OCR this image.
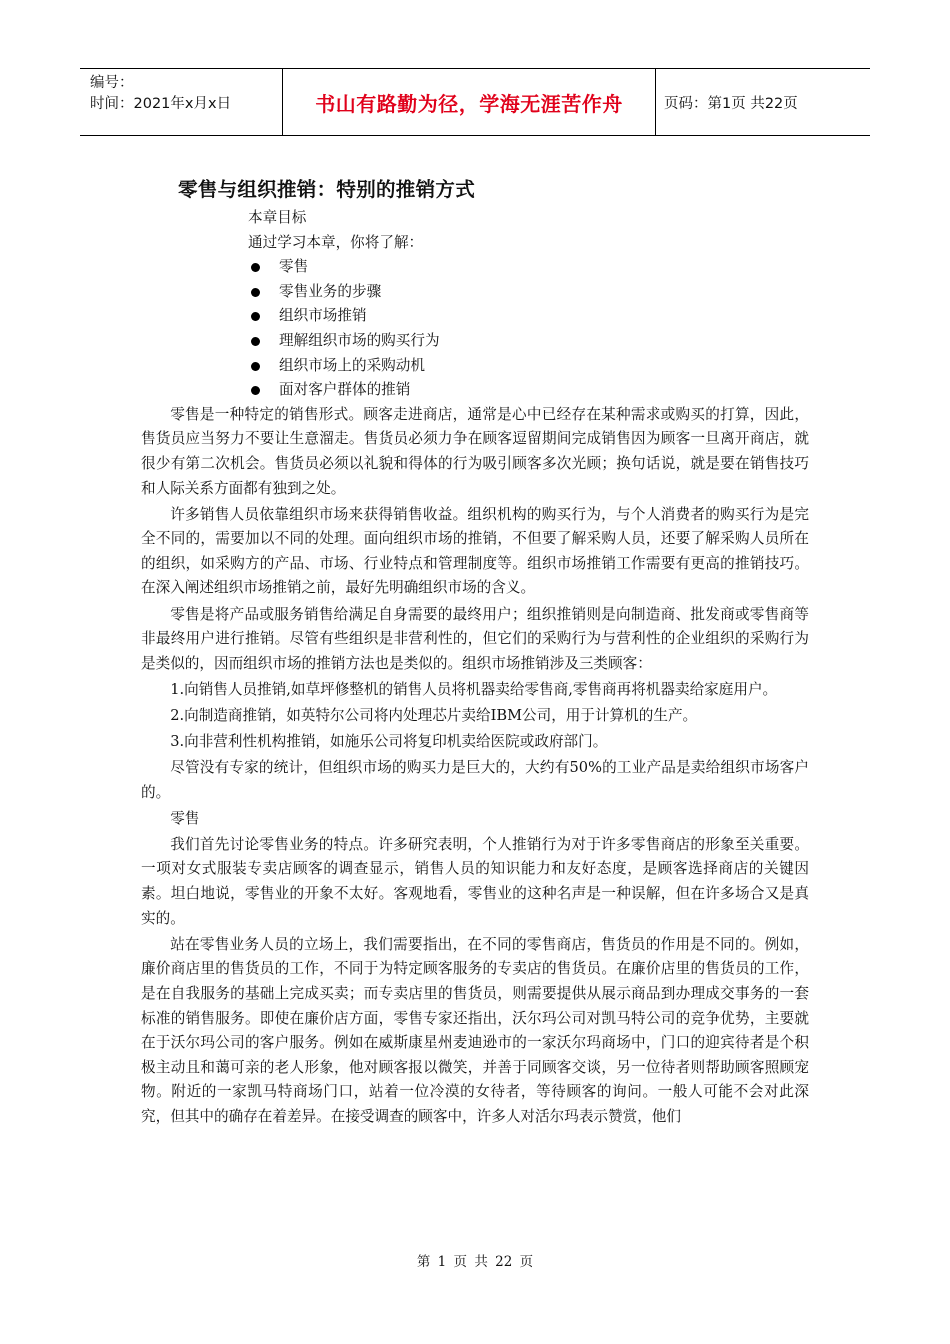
编号：
时间：2021年x月x日	书山有路勤为径，学海无涯苦作舟	页码：第1页 共22页
零售与组织推销：特别的推销方式
本章目标
通过学习本章，你将了解：
零售
零售业务的步骤
组织市场推销
理解组织市场的购买行为
组织市场上的采购动机
面对客户群体的推销

零售是一种特定的销售形式。顾客走进商店，通常是心中已经存在某种需求或购买的打算，因此，售货员应当努力不要让生意溜走。售货员必须力争在顾客逗留期间完成销售因为顾客一旦离开商店，就很少有第二次机会。售货员必须以礼貌和得体的行为吸引顾客多次光顾；换句话说，就是要在销售技巧和人际关系方面都有独到之处。

许多销售人员依靠组织市场来获得销售收益。组织机构的购买行为，与个人消费者的购买行为是完全不同的，需要加以不同的处理。面向组织市场的推销，不但要了解采购人员，还要了解采购人员所在的组织，如采购方的产品、市场、行业特点和管理制度等。组织市场推销工作需要有更高的推销技巧。在深入阐述组织市场推销之前，最好先明确组织市场的含义。

零售是将产品或服务销售给满足自身需要的最终用户；组织推销则是向制造商、批发商或零售商等非最终用户进行推销。尽管有些组织是非营利性的，但它们的采购行为与营利性的企业组织的采购行为是类似的，因而组织市场的推销方法也是类似的。组织市场推销涉及三类顾客：

1.向销售人员推销,如草坪修整机的销售人员将机器卖给零售商,零售商再将机器卖给家庭用户。

2.向制造商推销，如英特尔公司将内处理芯片卖给IBM公司，用于计算机的生产。

3.向非营利性机构推销，如施乐公司将复印机卖给医院或政府部门。

尽管没有专家的统计，但组织市场的购买力是巨大的，大约有50%的工业产品是卖给组织市场客户的。

零售

我们首先讨论零售业务的特点。许多研究表明，个人推销行为对于许多零售商店的形象至关重要。一项对女式服装专卖店顾客的调查显示，销售人员的知识能力和友好态度，是顾客选择商店的关键因素。坦白地说，零售业的开象不太好。客观地看，零售业的这种名声是一种误解，但在许多场合又是真实的。

站在零售业务人员的立场上，我们需要指出，在不同的零售商店，售货员的作用是不同的。例如，廉价商店里的售货员的工作，不同于为特定顾客服务的专卖店的售货员。在廉价店里的售货员的工作，是在自我服务的基础上完成买卖；而专卖店里的售货员，则需要提供从展示商品到办理成交事务的一套标准的销售服务。即使在廉价店方面，零售专家还指出，沃尔玛公司对凯马特公司的竞争优势，主要就在于沃尔玛公司的客户服务。例如在威斯康星州麦迪逊市的一家沃尔玛商场中，门口的迎宾待者是个积极主动且和蔼可亲的老人形象，他对顾客报以微笑，并善于同顾客交谈，另一位待者则帮助顾客照顾宠物。附近的一家凯马特商场门口，站着一位冷漠的女待者，等待顾客的询问。一般人可能不会对此深究，但其中的确存在着差异。在接受调查的顾客中，许多人对活尔玛表示赞赏，他们

第 1 页 共 22 页
